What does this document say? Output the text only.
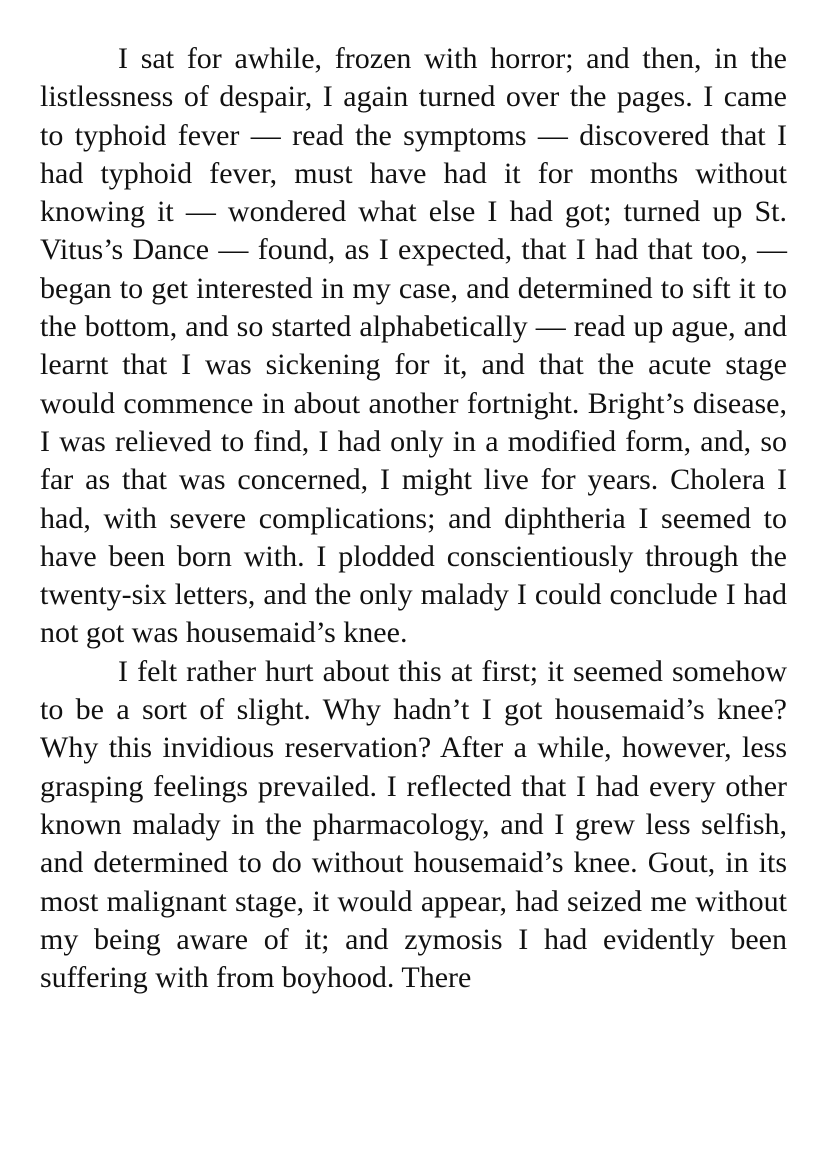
I sat for awhile, frozen with horror; and then, in the listlessness of despair, I again turned over the pages. I came to typhoid fever — read the symptoms — discovered that I had typhoid fever, must have had it for months without knowing it — wondered what else I had got; turned up St. Vitus’s Dance — found, as I expected, that I had that too, — began to get interested in my case, and determined to sift it to the bottom, and so started alphabetically — read up ague, and learnt that I was sickening for it, and that the acute stage would commence in about another fortnight. Bright’s disease, I was relieved to find, I had only in a modified form, and, so far as that was concerned, I might live for years. Cholera I had, with severe complications; and diphtheria I seemed to have been born with. I plodded conscientiously through the twenty-six letters, and the only malady I could conclude I had not got was housemaid’s knee.

I felt rather hurt about this at first; it seemed somehow to be a sort of slight. Why hadn’t I got housemaid’s knee? Why this invidious reservation? After a while, however, less grasping feelings prevailed. I reflected that I had every other known malady in the pharmacology, and I grew less selfish, and determined to do without housemaid’s knee. Gout, in its most malignant stage, it would appear, had seized me without my being aware of it; and zymosis I had evidently been suffering with from boyhood. There
